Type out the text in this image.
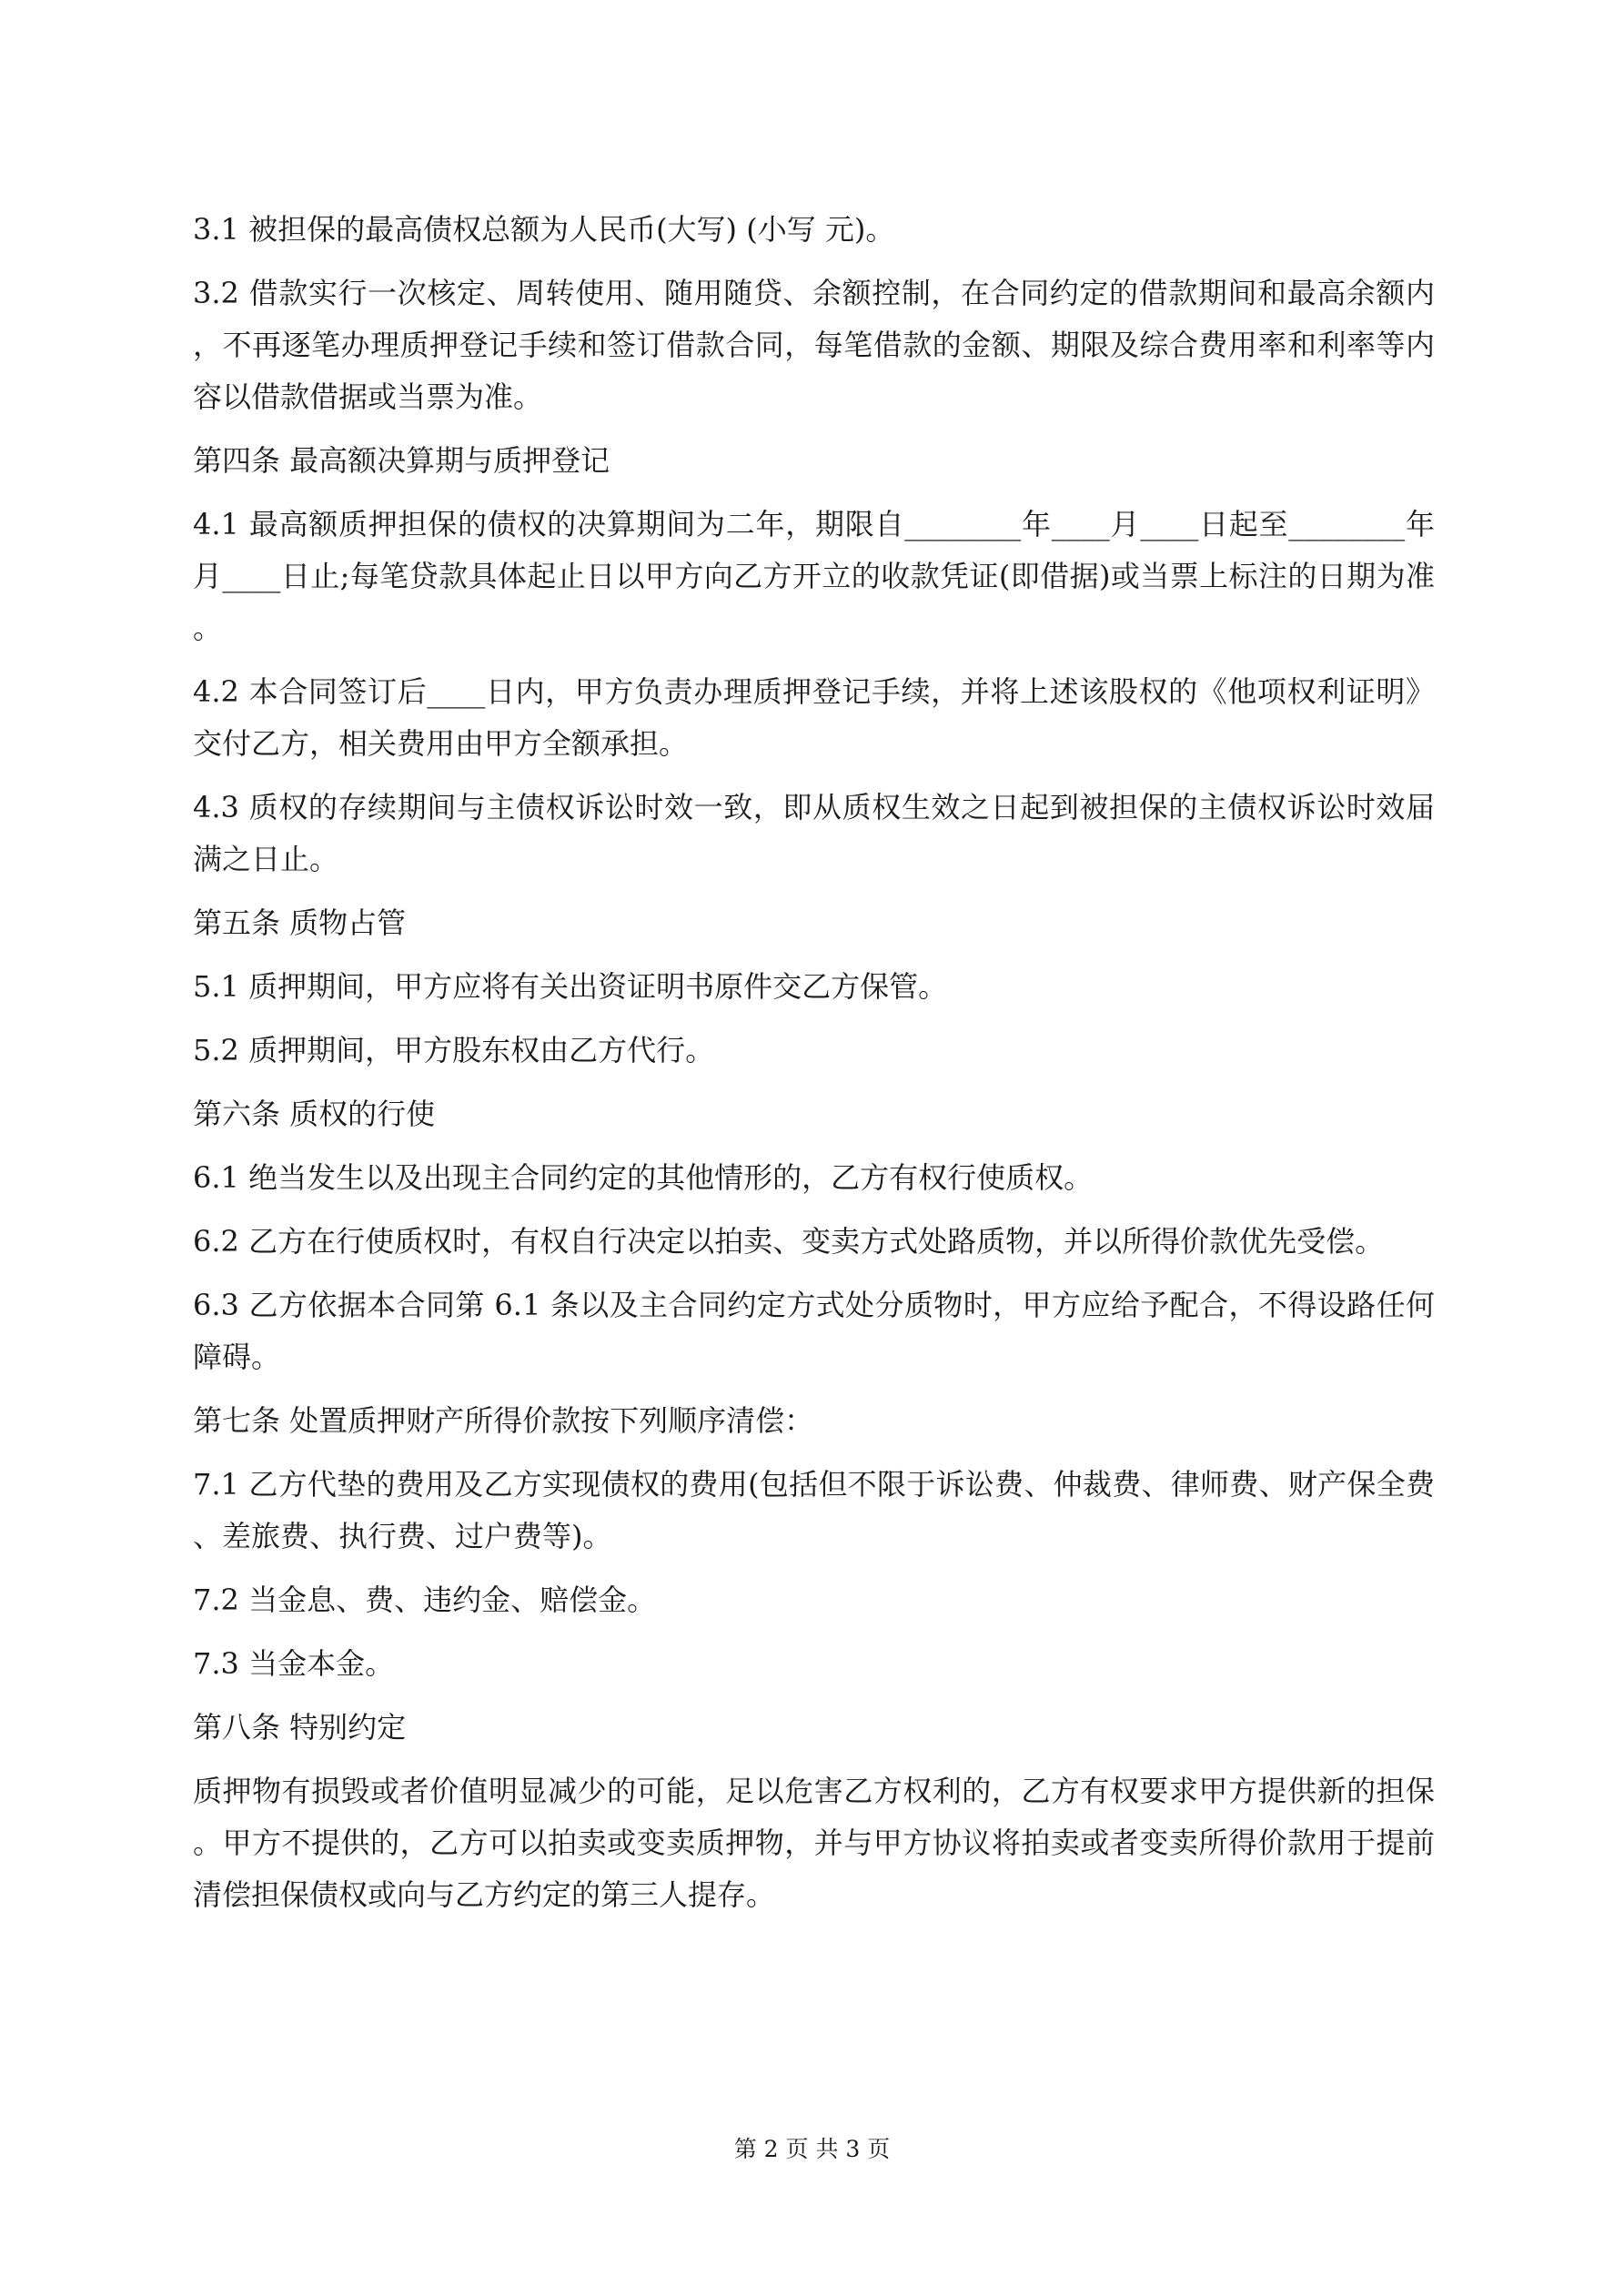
3.1 被担保的最高债权总额为人民币(大写) (小写 元)。

3.2 借款实行一次核定、周转使用、随用随贷、余额控制，在合同约定的借款期间和最高余额内，不再逐笔办理质押登记手续和签订借款合同，每笔借款的金额、期限及综合费用率和利率等内容以借款借据或当票为准。

第四条 最高额决算期与质押登记

4.1 最高额质押担保的债权的决算期间为二年，期限自________年____月____日起至________年月____日止;每笔贷款具体起止日以甲方向乙方开立的收款凭证(即借据)或当票上标注的日期为准。

4.2 本合同签订后____日内，甲方负责办理质押登记手续，并将上述该股权的《他项权利证明》交付乙方，相关费用由甲方全额承担。

4.3 质权的存续期间与主债权诉讼时效一致，即从质权生效之日起到被担保的主债权诉讼时效届满之日止。

第五条 质物占管

5.1 质押期间，甲方应将有关出资证明书原件交乙方保管。

5.2 质押期间，甲方股东权由乙方代行。

第六条 质权的行使

6.1 绝当发生以及出现主合同约定的其他情形的，乙方有权行使质权。

6.2 乙方在行使质权时，有权自行决定以拍卖、变卖方式处路质物，并以所得价款优先受偿。

6.3 乙方依据本合同第 6.1 条以及主合同约定方式处分质物时，甲方应给予配合，不得设路任何障碍。

第七条 处置质押财产所得价款按下列顺序清偿：

7.1 乙方代垫的费用及乙方实现债权的费用(包括但不限于诉讼费、仲裁费、律师费、财产保全费、差旅费、执行费、过户费等)。

7.2 当金息、费、违约金、赔偿金。

7.3 当金本金。

第八条 特别约定

质押物有损毁或者价值明显减少的可能，足以危害乙方权利的，乙方有权要求甲方提供新的担保。甲方不提供的，乙方可以拍卖或变卖质押物，并与甲方协议将拍卖或者变卖所得价款用于提前清偿担保债权或向与乙方约定的第三人提存。

第 2 页 共 3 页
